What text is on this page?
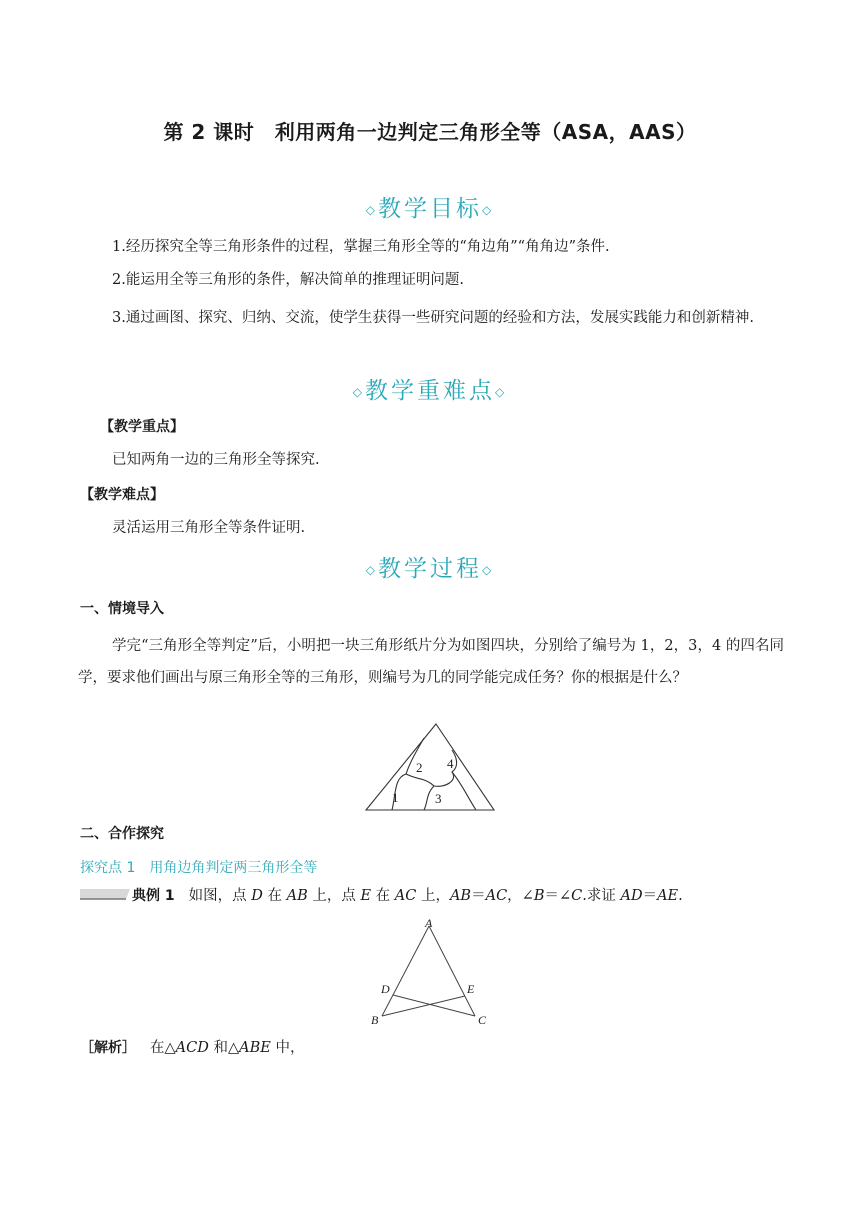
第 2 课时　利用两角一边判定三角形全等（ASA，AAS）
◇教学目标◇
1.经历探究全等三角形条件的过程，掌握三角形全等的“角边角”“角角边”条件.
2.能运用全等三角形的条件，解决简单的推理证明问题.
3.通过画图、探究、归纳、交流，使学生获得一些研究问题的经验和方法，发展实践能力和创新精神.
◇教学重难点◇
【教学重点】
已知两角一边的三角形全等探究.
【教学难点】
灵活运用三角形全等条件证明.
◇教学过程◇
一、情境导入
学完“三角形全等判定”后，小明把一块三角形纸片分为如图四块，分别给了编号为 1，2，3，4 的四名同学，要求他们画出与原三角形全等的三角形，则编号为几的同学能完成任务？你的根据是什么？
1
2
3
4
二、合作探究
探究点 1　用角边角判定两三角形全等
典例 1 如图，点 D 在 AB 上，点 E 在 AC 上，AB＝AC，∠B＝∠C.求证 AD＝AE.
A
B	C
D	E
［解析］ 在△ACD 和△ABE 中，
